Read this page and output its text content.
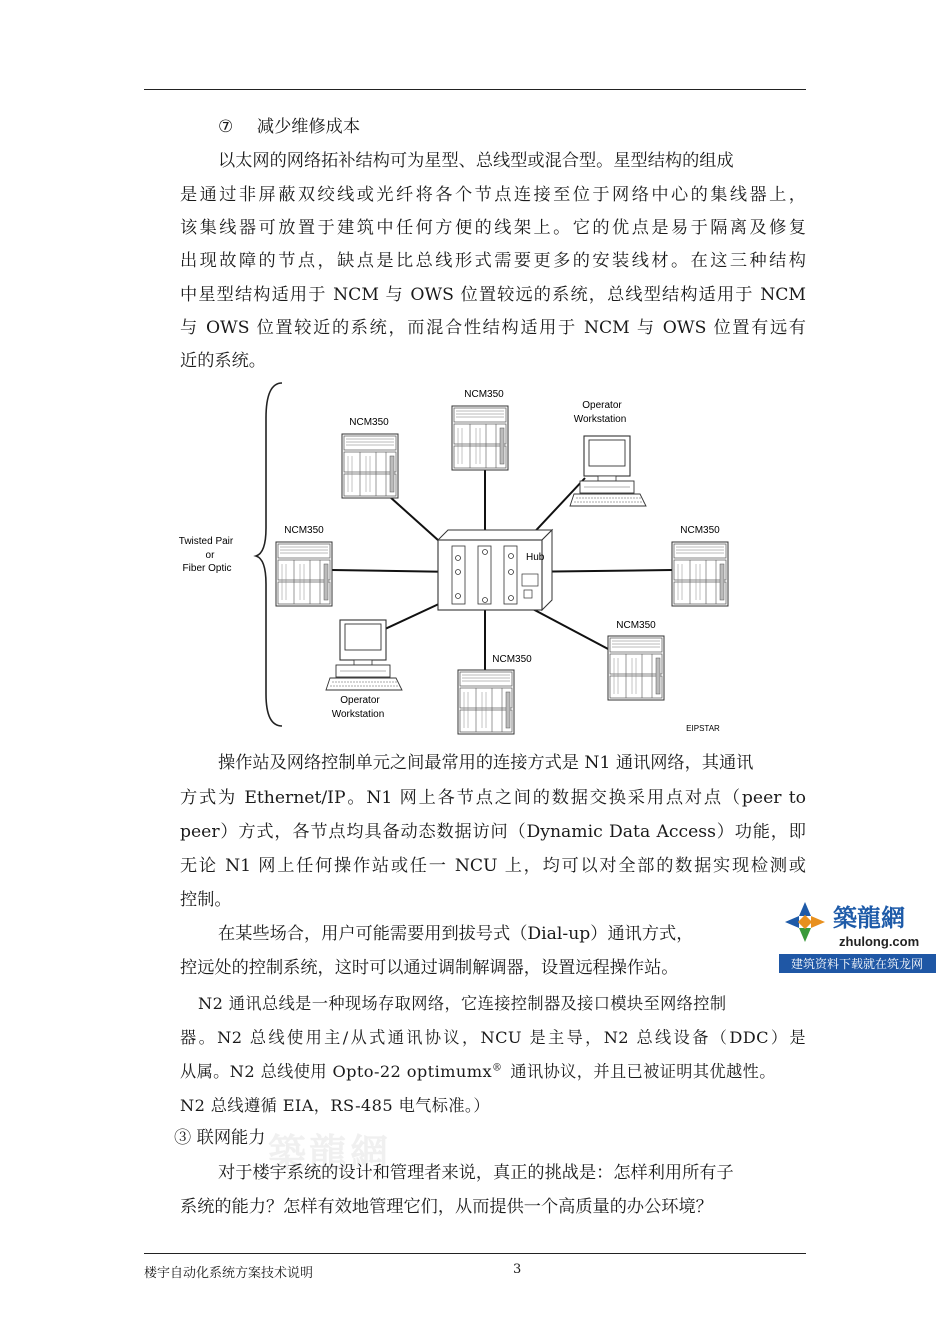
⑦ 减少维修成本
以太网的网络拓补结构可为星型、总线型或混合型。星型结构的组成
是通过非屏蔽双绞线或光纤将各个节点连接至位于网络中心的集线器上，
该集线器可放置于建筑中任何方便的线架上。它的优点是易于隔离及修复
出现故障的节点，缺点是比总线形式需要更多的安装线材。在这三种结构
中星型结构适用于 NCM 与 OWS 位置较远的系统，总线型结构适用于 NCM
与 OWS 位置较近的系统，而混合性结构适用于 NCM 与 OWS 位置有远有
近的系统。
Twisted Pair
or
Fiber Optic
Hub
NCM350
NCM350
NCM350	NCM350
NCM350
NCM350
Operator
Workstation
Operator
Workstation
EIPSTAR
操作站及网络控制单元之间最常用的连接方式是 N1 通讯网络，其通讯
方式为 Ethernet/IP。N1 网上各节点之间的数据交换采用点对点（peer to
peer）方式，各节点均具备动态数据访问（Dynamic Data Access）功能，即
无论 N1 网上任何操作站或任一 NCU 上，均可以对全部的数据实现检测或
控制。
在某些场合，用户可能需要用到拔号式（Dial-up）通讯方式，
控远处的控制系统，这时可以通过调制解调器，设置远程操作站。
築龍網
zhulong.com
建筑资料下载就在筑龙网
N2 通讯总线是一种现场存取网络，它连接控制器及接口模块至网络控制
器。N2 总线使用主/从式通讯协议，NCU 是主导，N2 总线设备（DDC）是
从属。N2 总线使用 Opto-22 optimumx® 通讯协议，并且已被证明其优越性。
N2 总线遵循 EIA，RS-485 电气标准。）
築龍網
③ 联网能力
对于楼宇系统的设计和管理者来说，真正的挑战是：怎样利用所有子
系统的能力？怎样有效地管理它们，从而提供一个高质量的办公环境？
楼宇自动化系统方案技术说明	3
